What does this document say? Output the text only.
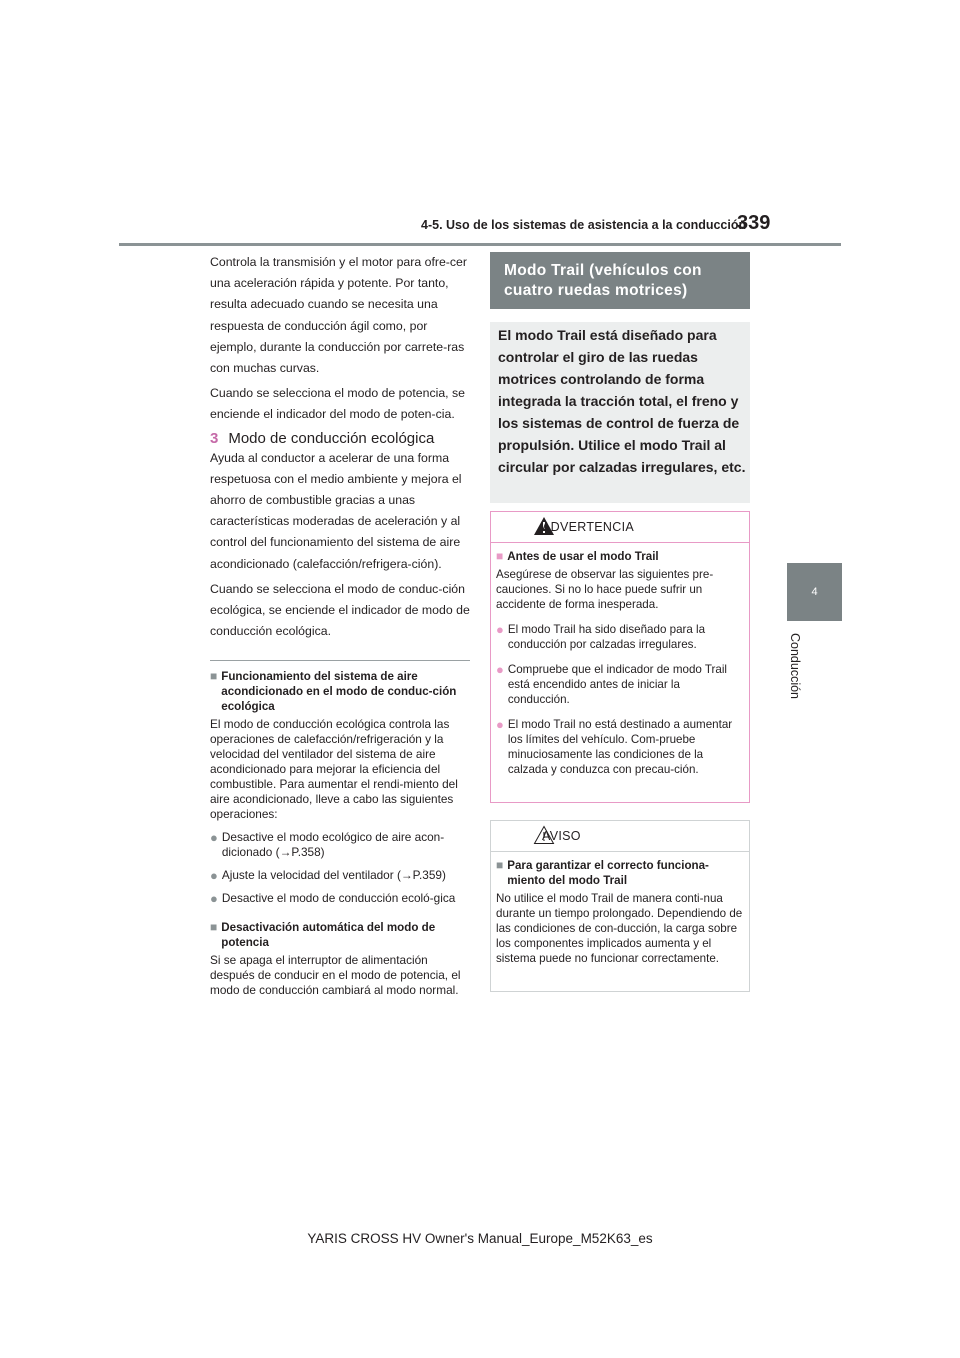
4-5. Uso de los sistemas de asistencia a la conducción
339
4
Conducción

Controla la transmisión y el motor para ofre-cer una aceleración rápida y potente. Por tanto, resulta adecuado cuando se necesita una respuesta de conducción ágil como, por ejemplo, durante la conducción por carrete-ras con muchas curvas.

Cuando se selecciona el modo de potencia, se enciende el indicador del modo de poten-cia.

3 Modo de conducción ecológica

Ayuda al conductor a acelerar de una forma respetuosa con el medio ambiente y mejora el ahorro de combustible gracias a unas características moderadas de aceleración y al control del funcionamiento del sistema de aire acondicionado (calefacción/refrigera-ción).

Cuando se selecciona el modo de conduc-ción ecológica, se enciende el indicador de modo de conducción ecológica.

■ Funcionamiento del sistema de aire acondicionado en el modo de conduc-ción ecológica

El modo de conducción ecológica controla las operaciones de calefacción/refrigeración y la velocidad del ventilador del sistema de aire acondicionado para mejorar la eficiencia del combustible. Para aumentar el rendi-miento del aire acondicionado, lleve a cabo las siguientes operaciones:

● Desactive el modo ecológico de aire acon-dicionado (→P.358)
● Ajuste la velocidad del ventilador (→P.359)
● Desactive el modo de conducción ecoló-gica
■ Desactivación automática del modo de potencia

Si se apaga el interruptor de alimentación después de conducir en el modo de potencia, el modo de conducción cambiará al modo normal.

Modo Trail (vehículos con cuatro ruedas motrices)
El modo Trail está diseñado para controlar el giro de las ruedas motrices controlando de forma integrada la tracción total, el freno y los sistemas de control de fuerza de propulsión. Utilice el modo Trail al circular por calzadas irregulares, etc.
ADVERTENCIA
■ Antes de usar el modo Trail

Asegúrese de observar las siguientes pre-cauciones. Si no lo hace puede sufrir un accidente de forma inesperada.

● El modo Trail ha sido diseñado para la conducción por calzadas irregulares.
● Compruebe que el indicador de modo Trail está encendido antes de iniciar la conducción.
● El modo Trail no está destinado a aumentar los límites del vehículo. Com-pruebe minuciosamente las condiciones de la calzada y conduzca con precau-ción.
AVISO
■ Para garantizar el correcto funciona-miento del modo Trail

No utilice el modo Trail de manera conti-nua durante un tiempo prolongado. Dependiendo de las condiciones de con-ducción, la carga sobre los componentes implicados aumenta y el sistema puede no funcionar correctamente.

YARIS CROSS HV Owner's Manual_Europe_M52K63_es
